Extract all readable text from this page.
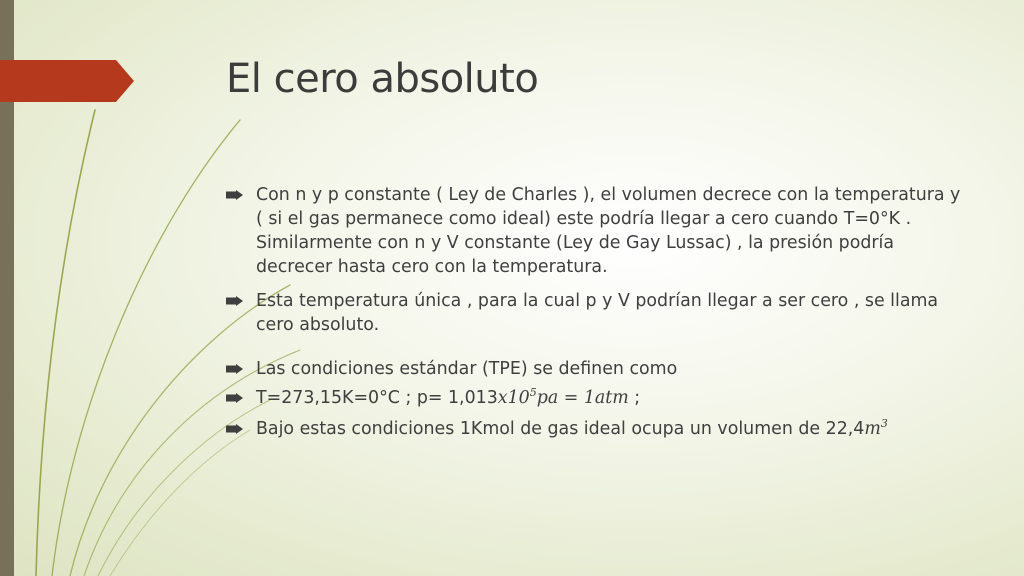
El cero absoluto
Con n y p constante ( Ley de Charles ), el volumen decrece con la temperatura y ( si el gas permanece como ideal) este podría llegar a cero cuando T=0°K . Similarmente con n y V constante (Ley de Gay Lussac) , la presión podría decrecer hasta cero con la temperatura.
Esta temperatura única , para la cual p y V podrían llegar a ser cero , se llama cero absoluto.
Las condiciones estándar (TPE) se definen como
T=273,15K=0°C ; $p= 1,013x10^5pa = 1atm$ ;
Bajo estas condiciones 1Kmol de gas ideal ocupa un volumen de $22,4m^3$
